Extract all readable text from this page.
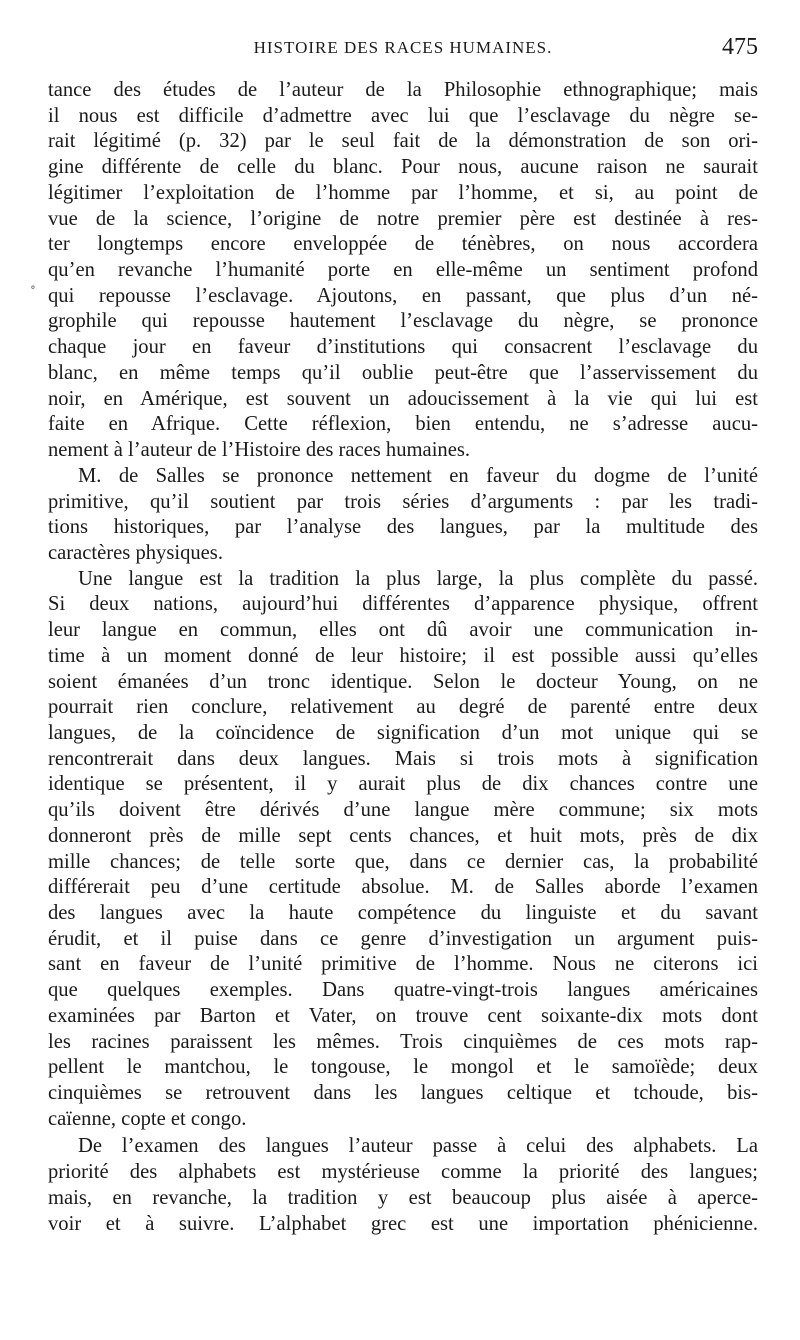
HISTOIRE DES RACES HUMAINES.	475
∘
tance des études de l’auteur de la Philosophie ethnographique; mais
il nous est difficile d’admettre avec lui que l’esclavage du nègre se-
rait légitimé (p. 32) par le seul fait de la démonstration de son ori-
gine différente de celle du blanc. Pour nous, aucune raison ne saurait
légitimer l’exploitation de l’homme par l’homme, et si, au point de
vue de la science, l’origine de notre premier père est destinée à res-
ter longtemps encore enveloppée de ténèbres, on nous accordera
qu’en revanche l’humanité porte en elle-même un sentiment profond
qui repousse l’esclavage. Ajoutons, en passant, que plus d’un né-
grophile qui repousse hautement l’esclavage du nègre, se prononce
chaque jour en faveur d’institutions qui consacrent l’esclavage du
blanc, en même temps qu’il oublie peut-être que l’asservissement du
noir, en Amérique, est souvent un adoucissement à la vie qui lui est
faite en Afrique. Cette réflexion, bien entendu, ne s’adresse aucu-
nement à l’auteur de l’Histoire des races humaines.
M. de Salles se prononce nettement en faveur du dogme de l’unité
primitive, qu’il soutient par trois séries d’arguments : par les tradi-
tions historiques, par l’analyse des langues, par la multitude des
caractères physiques.
Une langue est la tradition la plus large, la plus complète du passé.
Si deux nations, aujourd’hui différentes d’apparence physique, offrent
leur langue en commun, elles ont dû avoir une communication in-
time à un moment donné de leur histoire; il est possible aussi qu’elles
soient émanées d’un tronc identique. Selon le docteur Young, on ne
pourrait rien conclure, relativement au degré de parenté entre deux
langues, de la coïncidence de signification d’un mot unique qui se
rencontrerait dans deux langues. Mais si trois mots à signification
identique se présentent, il y aurait plus de dix chances contre une
qu’ils doivent être dérivés d’une langue mère commune; six mots
donneront près de mille sept cents chances, et huit mots, près de dix
mille chances; de telle sorte que, dans ce dernier cas, la probabilité
différerait peu d’une certitude absolue. M. de Salles aborde l’examen
des langues avec la haute compétence du linguiste et du savant
érudit, et il puise dans ce genre d’investigation un argument puis-
sant en faveur de l’unité primitive de l’homme. Nous ne citerons ici
que quelques exemples. Dans quatre-vingt-trois langues américaines
examinées par Barton et Vater, on trouve cent soixante-dix mots dont
les racines paraissent les mêmes. Trois cinquièmes de ces mots rap-
pellent le mantchou, le tongouse, le mongol et le samoïède; deux
cinquièmes se retrouvent dans les langues celtique et tchoude, bis-
caïenne, copte et congo.
De l’examen des langues l’auteur passe à celui des alphabets. La
priorité des alphabets est mystérieuse comme la priorité des langues;
mais, en revanche, la tradition y est beaucoup plus aisée à aperce-
voir et à suivre. L’alphabet grec est une importation phénicienne.
